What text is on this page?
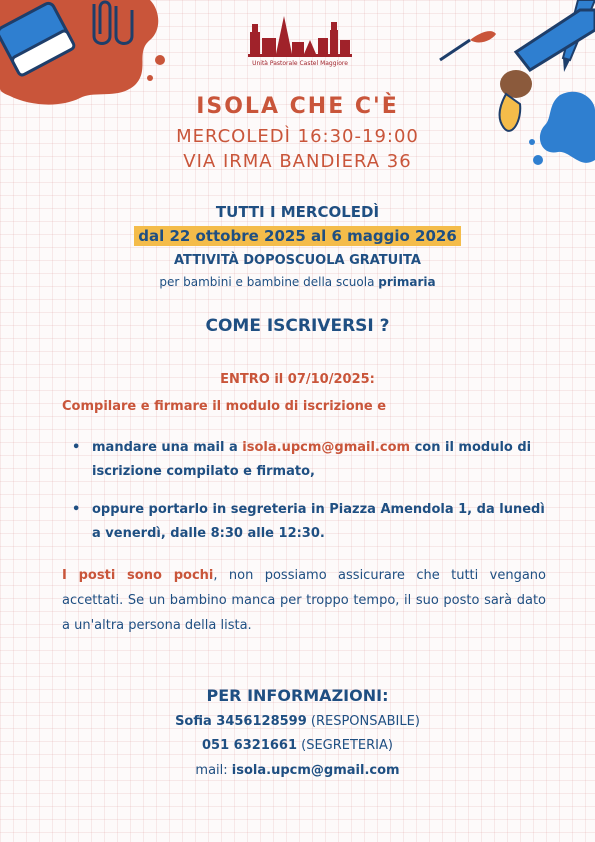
Unità Pastorale Castel Maggiore
ISOLA CHE C'È
MERCOLEDÌ 16:30-19:00
VIA IRMA BANDIERA 36
TUTTI I MERCOLEDÌ
dal 22 ottobre 2025 al 6 maggio 2026
ATTIVITÀ DOPOSCUOLA GRATUITA
per bambini e bambine della scuola primaria
COME ISCRIVERSI ?
ENTRO il 07/10/2025:
Compilare e firmare il modulo di iscrizione e
• mandare una mail a isola.upcm@gmail.com con il modulo di iscrizione compilato e firmato,
• oppure portarlo in segreteria in Piazza Amendola 1, da lunedì a venerdì, dalle 8:30 alle 12:30.
I posti sono pochi, non possiamo assicurare che tutti vengano accettati. Se un bambino manca per troppo tempo, il suo posto sarà dato a un'altra persona della lista.
PER INFORMAZIONI:
Sofia 3456128599 (RESPONSABILE)
051 6321661 (SEGRETERIA)
mail: isola.upcm@gmail.com
